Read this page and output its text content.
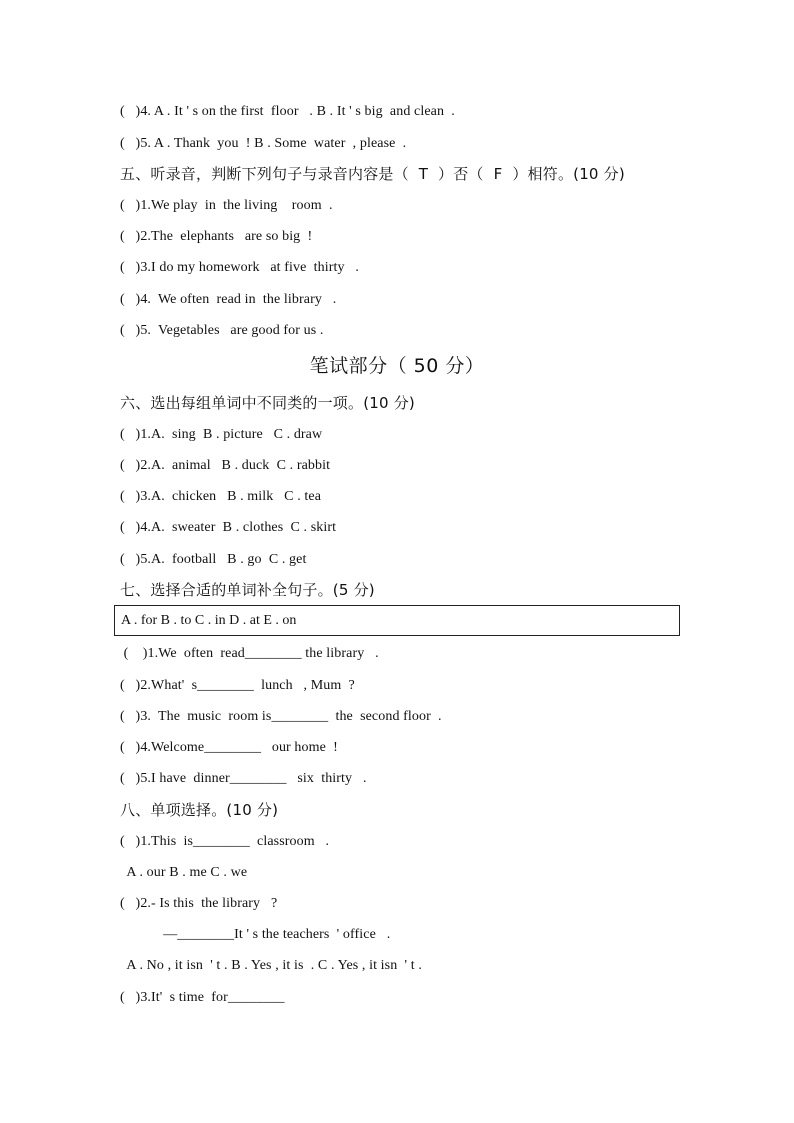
(   )4. A . It ' s on the first  floor   . B . It ' s big  and clean  .
(   )5. A . Thank  you  ! B . Some  water  , please  .
五、听录音，判断下列句子与录音内容是（  T  ）否（  F  ）相符。(10 分)
(   )1.We play  in  the living    room  .
(   )2.The  elephants   are so big  !
(   )3.I do my homework   at five  thirty   .
(   )4.  We often  read in  the library   .
(   )5.  Vegetables   are good for us .
笔试部分（ 50 分）
六、选出每组单词中不同类的一项。(10 分)
(   )1.A.  sing  B . picture   C . draw
(   )2.A.  animal   B . duck  C . rabbit
(   )3.A.  chicken   B . milk   C . tea
(   )4.A.  sweater  B . clothes  C . skirt
(   )5.A.  football   B . go  C . get
七、选择合适的单词补全句子。(5 分)
A . for B . to C . in D . at E . on
(    )1.We  often  read________ the library   .
(   )2.What'  s________  lunch   , Mum  ?
(   )3.  The  music  room is________  the  second floor  .
(   )4.Welcome________   our home  !
(   )5.I have  dinner________   six  thirty   .
八、单项选择。(10 分)
(   )1.This  is________  classroom   .
A . our B . me C . we
(   )2.- Is this  the library   ?
—________It ' s the teachers  ' office   .
A . No , it isn  ' t . B . Yes , it is  . C . Yes , it isn  ' t .
(   )3.It'  s time  for________
